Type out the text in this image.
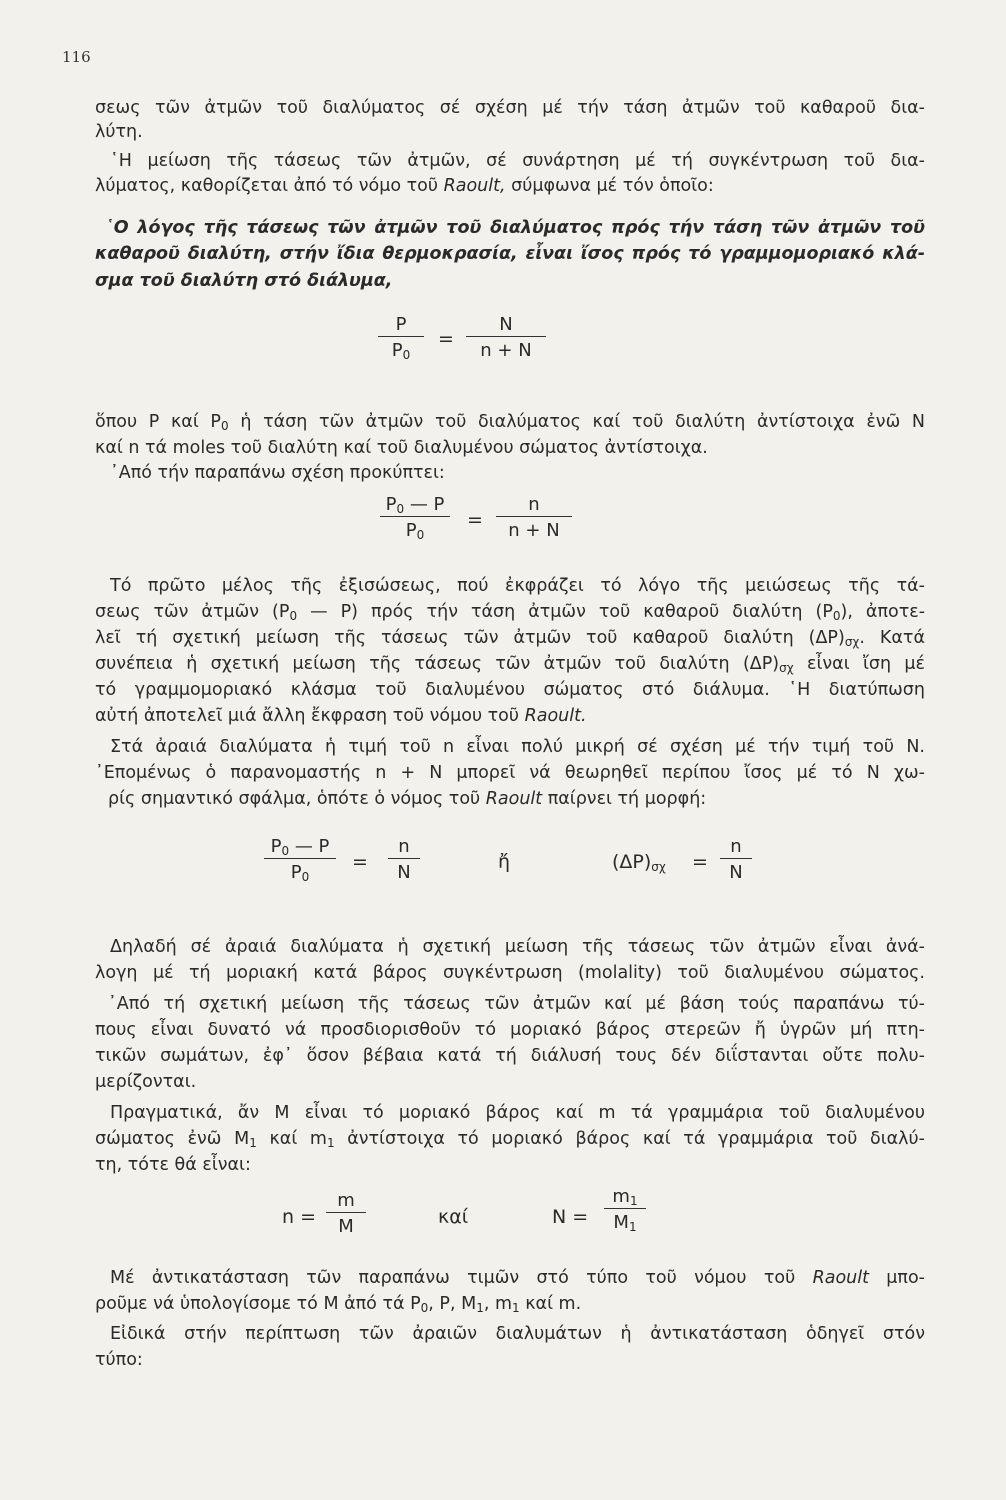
116
σεως τῶν ἀτμῶν τοῦ διαλύματος σέ σχέση μέ τήν τάση ἀτμῶν τοῦ καθαροῦ δια-
λύτη.
῾Η μείωση τῆς τάσεως τῶν ἀτμῶν, σέ συνάρτηση μέ τή συγκέντρωση τοῦ δια-
λύματος, καθορίζεται ἀπό τό νόμο τοῦ Raoult, σύμφωνα μέ τόν ὁποῖο:
῾Ο λόγος τῆς τάσεως τῶν ἀτμῶν τοῦ διαλύματος πρός τήν τάση τῶν ἀτμῶν τοῦ
καθαροῦ διαλύτη, στήν ἴδια θερμοκρασία, εἶναι ἴσος πρός τό γραμμομοριακό κλά-
σμα τοῦ διαλύτη στό διάλυμα,
$\frac{P}{P_0} = \frac{N}{n + N}$
ὅπου P καί $P_0$ ἡ τάση τῶν ἀτμῶν τοῦ διαλύματος καί τοῦ διαλύτη ἀντίστοιχα ἐνῶ N
καί n τά moles τοῦ διαλύτη καί τοῦ διαλυμένου σώματος ἀντίστοιχα.
᾿Από τήν παραπάνω σχέση προκύπτει:
$\frac{P_0 — P}{P_0} = \frac{n}{n + N}$
Τό πρῶτο μέλος τῆς ἐξισώσεως, πού ἐκφράζει τό λόγο τῆς μειώσεως τῆς τά-
σεως τῶν ἀτμῶν ($P_0$ — P) πρός τήν τάση ἀτμῶν τοῦ καθαροῦ διαλύτη $(P_0)$, ἀποτε-
λεῖ τή σχετική μείωση τῆς τάσεως τῶν ἀτμῶν τοῦ καθαροῦ διαλύτη $(\Delta P)_{\sigma\chi}$. Κατά
συνέπεια ἡ σχετική μείωση τῆς τάσεως τῶν ἀτμῶν τοῦ διαλύτη $(\Delta P)_{\sigma\chi}$ εἶναι ἴση μέ
τό γραμμομοριακό κλάσμα τοῦ διαλυμένου σώματος στό διάλυμα. ῾Η διατύπωση
αὐτή ἀποτελεῖ μιά ἄλλη ἔκφραση τοῦ νόμου τοῦ Raoult.
Στά ἀραιά διαλύματα ἡ τιμή τοῦ n εἶναι πολύ μικρή σέ σχέση μέ τήν τιμή τοῦ N.
᾿Επομένως ὁ παρανομαστής n + N μπορεῖ νά θεωρηθεῖ περίπου ἴσος μέ τό N χω-
ρίς σημαντικό σφάλμα, ὁπότε ὁ νόμος τοῦ Raoult παίρνει τή μορφή:
$\frac{P_0 — P}{P_0} = \frac{n}{N}$	ἤ	$(\Delta P)_{\sigma\chi} = \frac{n}{N}$
Δηλαδή σέ ἀραιά διαλύματα ἡ σχετική μείωση τῆς τάσεως τῶν ἀτμῶν εἶναι ἀνά-
λογη μέ τή μοριακή κατά βάρος συγκέντρωση (molality) τοῦ διαλυμένου σώματος.
᾿Από τή σχετική μείωση τῆς τάσεως τῶν ἀτμῶν καί μέ βάση τούς παραπάνω τύ-
πους εἶναι δυνατό νά προσδιορισθοῦν τό μοριακό βάρος στερεῶν ἤ ὑγρῶν μή πτη-
τικῶν σωμάτων, ἐφ᾿ ὅσον βέβαια κατά τή διάλυσή τους δέν διΐστανται οὔτε πολυ-
μερίζονται.
Πραγματικά, ἄν M εἶναι τό μοριακό βάρος καί m τά γραμμάρια τοῦ διαλυμένου
σώματος ἐνῶ $M_1$ καί $m_1$ ἀντίστοιχα τό μοριακό βάρος καί τά γραμμάρια τοῦ διαλύ-
τη, τότε θά εἶναι:
$n = \frac{m}{M}$	καί	$N = \frac{m_1}{M_1}$
Μέ ἀντικατάσταση τῶν παραπάνω τιμῶν στό τύπο τοῦ νόμου τοῦ Raoult μπο-
ροῦμε νά ὑπολογίσομε τό M ἀπό τά $P_0$, P, $M_1$, $m_1$ καί m.
Εἰδικά στήν περίπτωση τῶν ἀραιῶν διαλυμάτων ἡ ἀντικατάσταση ὁδηγεῖ στόν
τύπο:
